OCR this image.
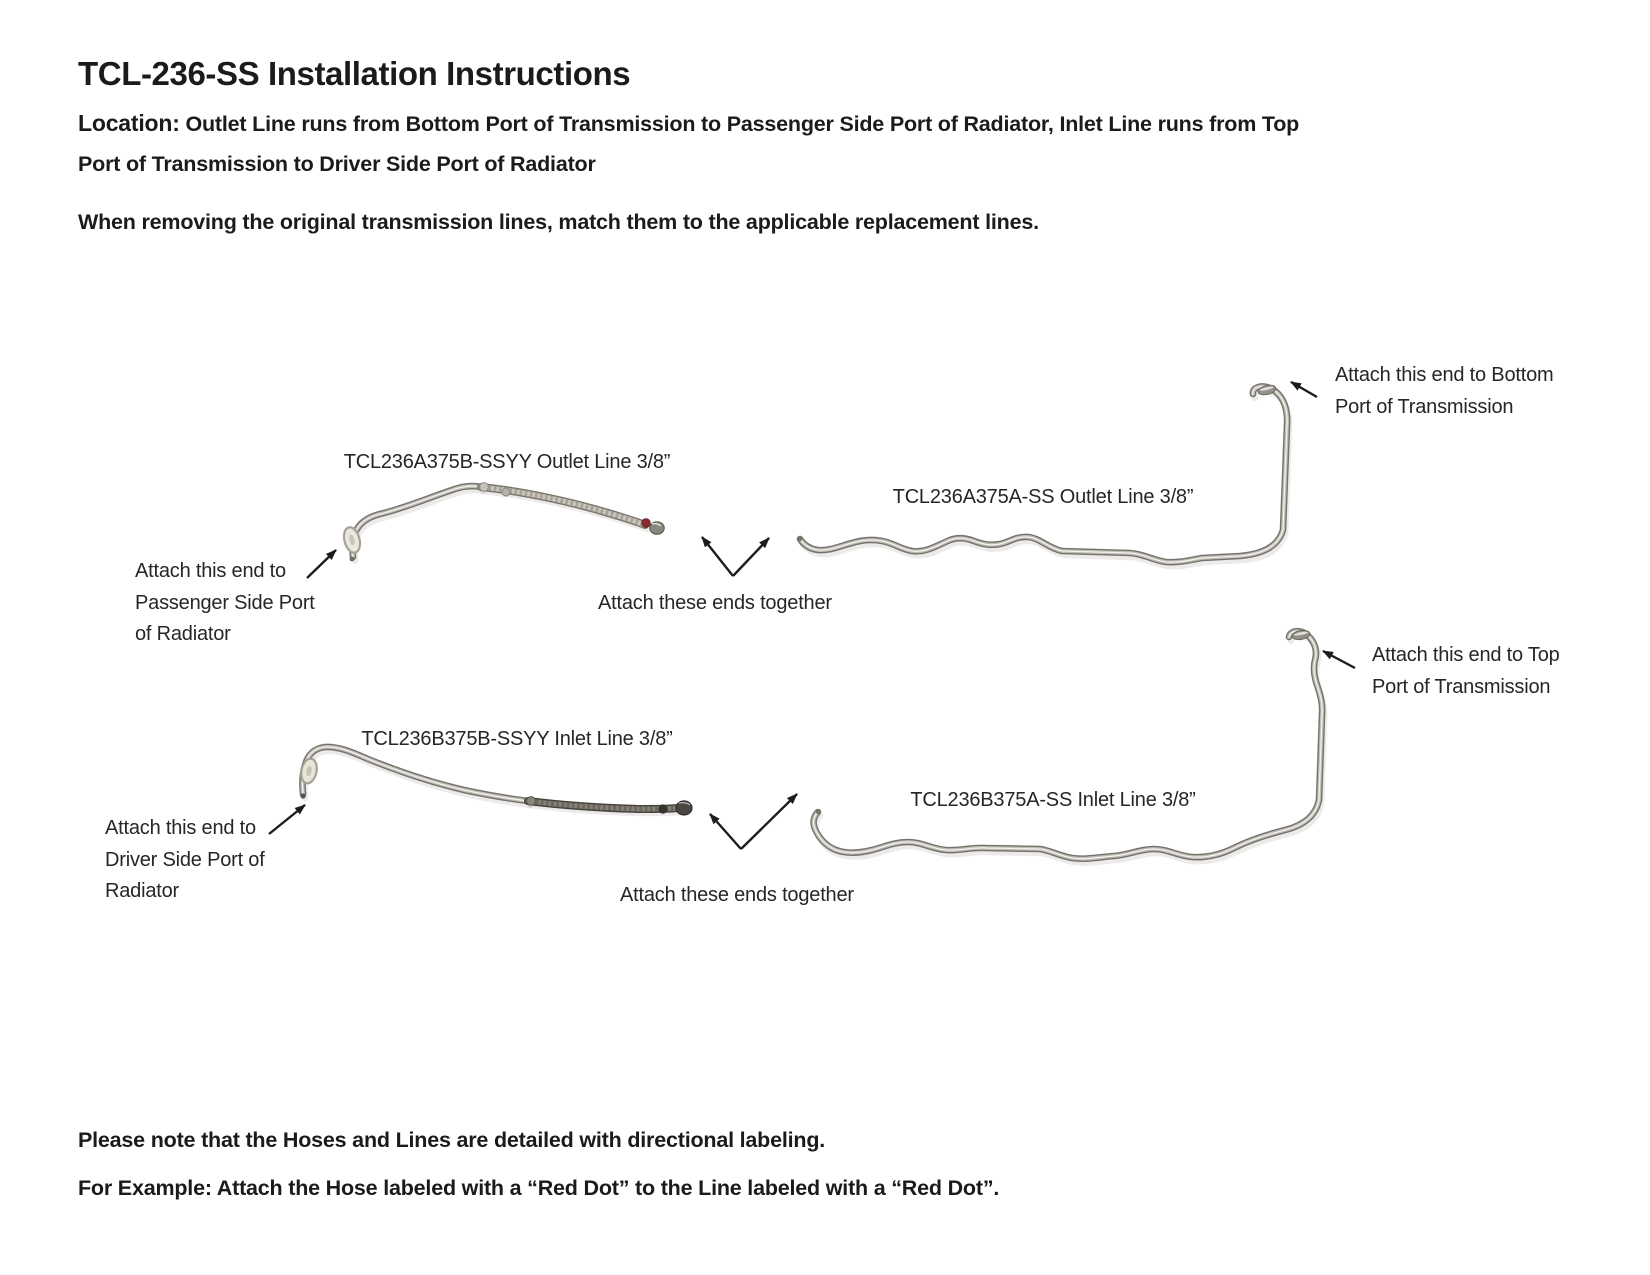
TCL-236-SS Installation Instructions
Location: Outlet Line runs from Bottom Port of Transmission to Passenger Side Port of Radiator, Inlet Line runs from Top
Port of Transmission to Driver Side Port of Radiator
When removing the original transmission lines, match them to the applicable replacement lines.
TCL236A375B-SSYY Outlet Line 3/8”
TCL236A375A-SS Outlet Line 3/8”
TCL236B375B-SSYY Inlet Line 3/8”
TCL236B375A-SS Inlet Line 3/8”
Attach this end to Bottom
Port of Transmission
Attach this end to
Passenger Side Port
of Radiator
Attach these ends together
Attach this end to Top
Port of Transmission
Attach this end to
Driver Side Port of
Radiator	Attach these ends together
Please note that the Hoses and Lines are detailed with directional labeling.
For Example: Attach the Hose labeled with a “Red Dot” to the Line labeled with a “Red Dot”.
